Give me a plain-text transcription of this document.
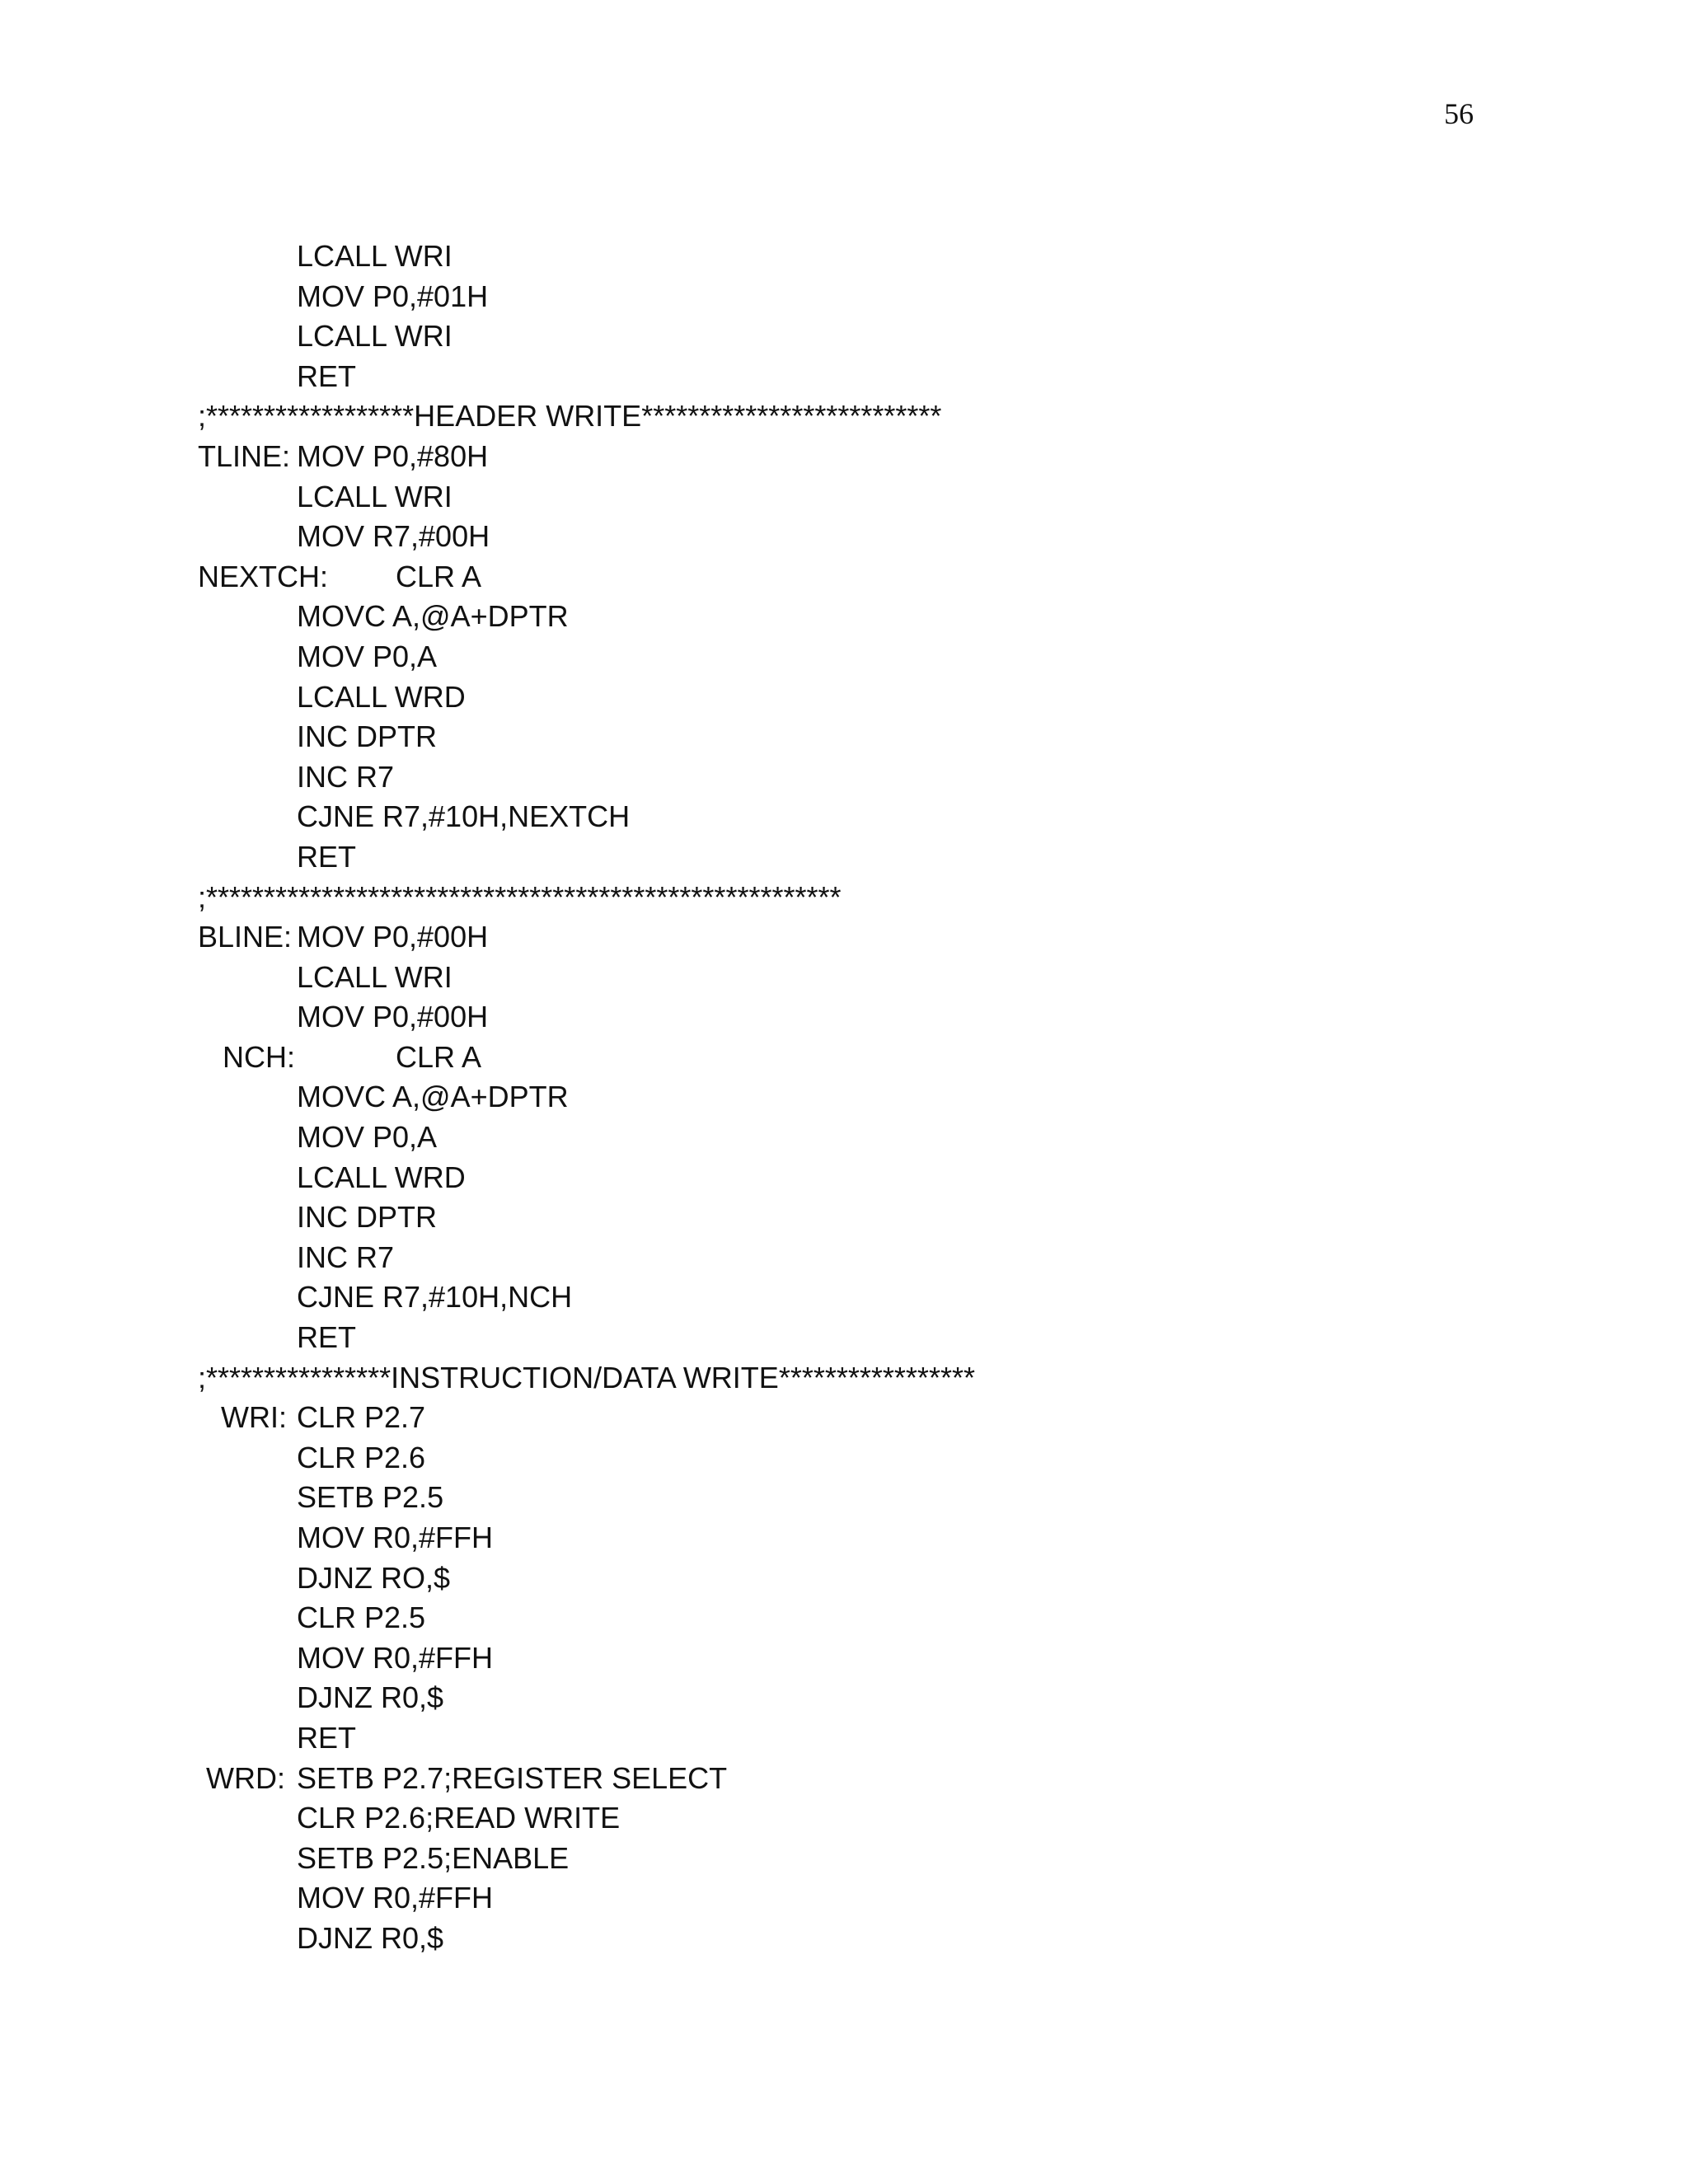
56
LCALL WRI
MOV P0,#01H
LCALL WRI
RET
;******************HEADER WRITE**************************
TLINE: MOV P0,#80H
LCALL WRI
MOV R7,#00H
NEXTCH: CLR A
MOVC A,@A+DPTR
MOV P0,A
LCALL WRD
INC DPTR
INC R7
CJNE R7,#10H,NEXTCH
RET
;*******************************************************
BLINE: MOV P0,#00H
LCALL WRI
MOV P0,#00H
NCH:	CLR A
MOVC A,@A+DPTR
MOV P0,A
LCALL WRD
INC DPTR
INC R7
CJNE R7,#10H,NCH
RET
;****************INSTRUCTION/DATA WRITE*****************
WRI: CLR P2.7
CLR P2.6
SETB P2.5
MOV R0,#FFH
DJNZ RO,$
CLR P2.5
MOV R0,#FFH
DJNZ R0,$
RET
WRD: SETB P2.7;REGISTER SELECT
CLR P2.6;READ WRITE
SETB P2.5;ENABLE
MOV R0,#FFH
DJNZ R0,$
